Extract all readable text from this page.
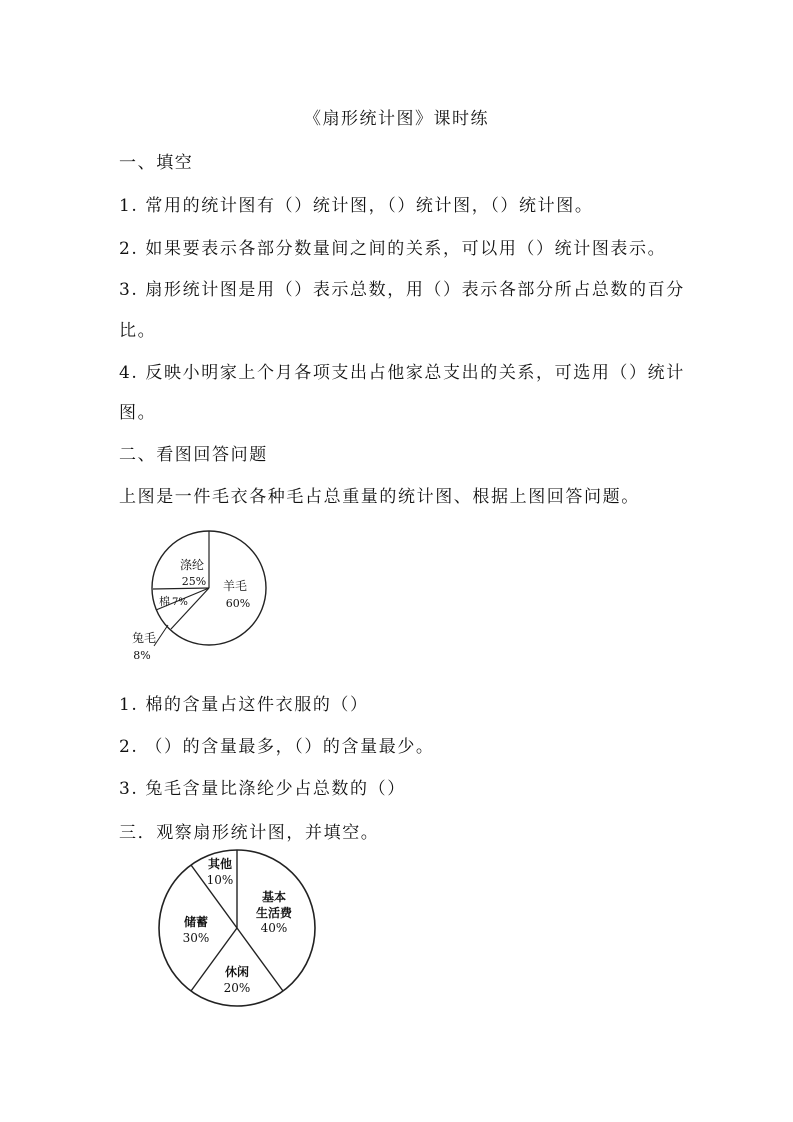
《扇形统计图》课时练
一、填空
1. 常用的统计图有（）统计图，（）统计图，（）统计图。
2. 如果要表示各部分数量间之间的关系，可以用（）统计图表示。
3. 扇形统计图是用（）表示总数，用（）表示各部分所占总数的百分
比。
4. 反映小明家上个月各项支出占他家总支出的关系，可选用（）统计
图。
二、看图回答问题
上图是一件毛衣各种毛占总重量的统计图、根据上图回答问题。
涤纶
25% 羊毛
60%
棉 7%
兔毛
8%
1. 棉的含量占这件衣服的（）
2. （）的含量最多，（）的含量最少。
3. 兔毛含量比涤纶少占总数的（）
三．观察扇形统计图，并填空。
基本
生活费
40%
休闲
20%
储蓄
30%
其他
10%
